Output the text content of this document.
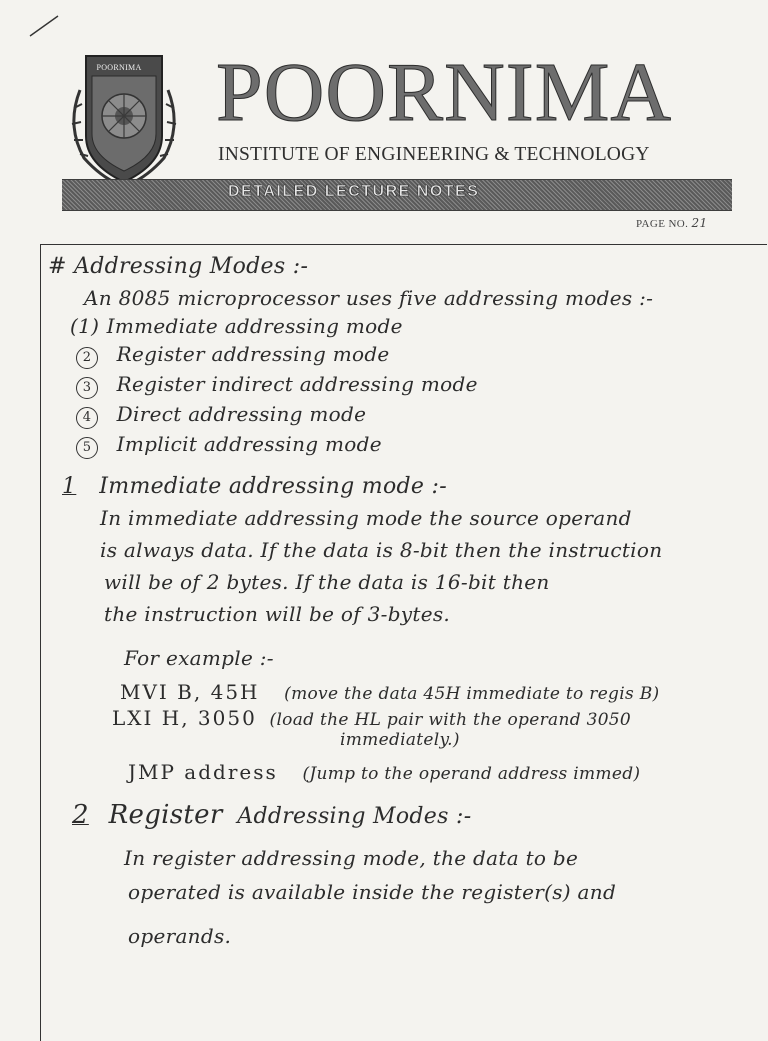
POORNIMA POORNIMA
INSTITUTE OF ENGINEERING & TECHNOLOGY
DETAILED LECTURE NOTES
PAGE NO. 21
# Addressing Modes :-
An 8085 microprocessor uses five addressing modes :-
(1) Immediate addressing mode
2 Register addressing mode
3 Register indirect addressing mode
4 Direct addressing mode
5 Implicit addressing mode
1 Immediate addressing mode :-
In immediate addressing mode the source operand
is always data. If the data is 8-bit then the instruction
will be of 2 bytes. If the data is 16-bit then
the instruction will be of 3-bytes.
For example :-
MVI B, 45H (move the data 45H immediate to regis B)
LXI H, 3050 (load the HL pair with the operand 3050
immediately.)
JMP address (Jump to the operand address immed)
2 Register Addressing Modes :-
In register addressing mode, the data to be
operated is available inside the register(s) and
operands.
